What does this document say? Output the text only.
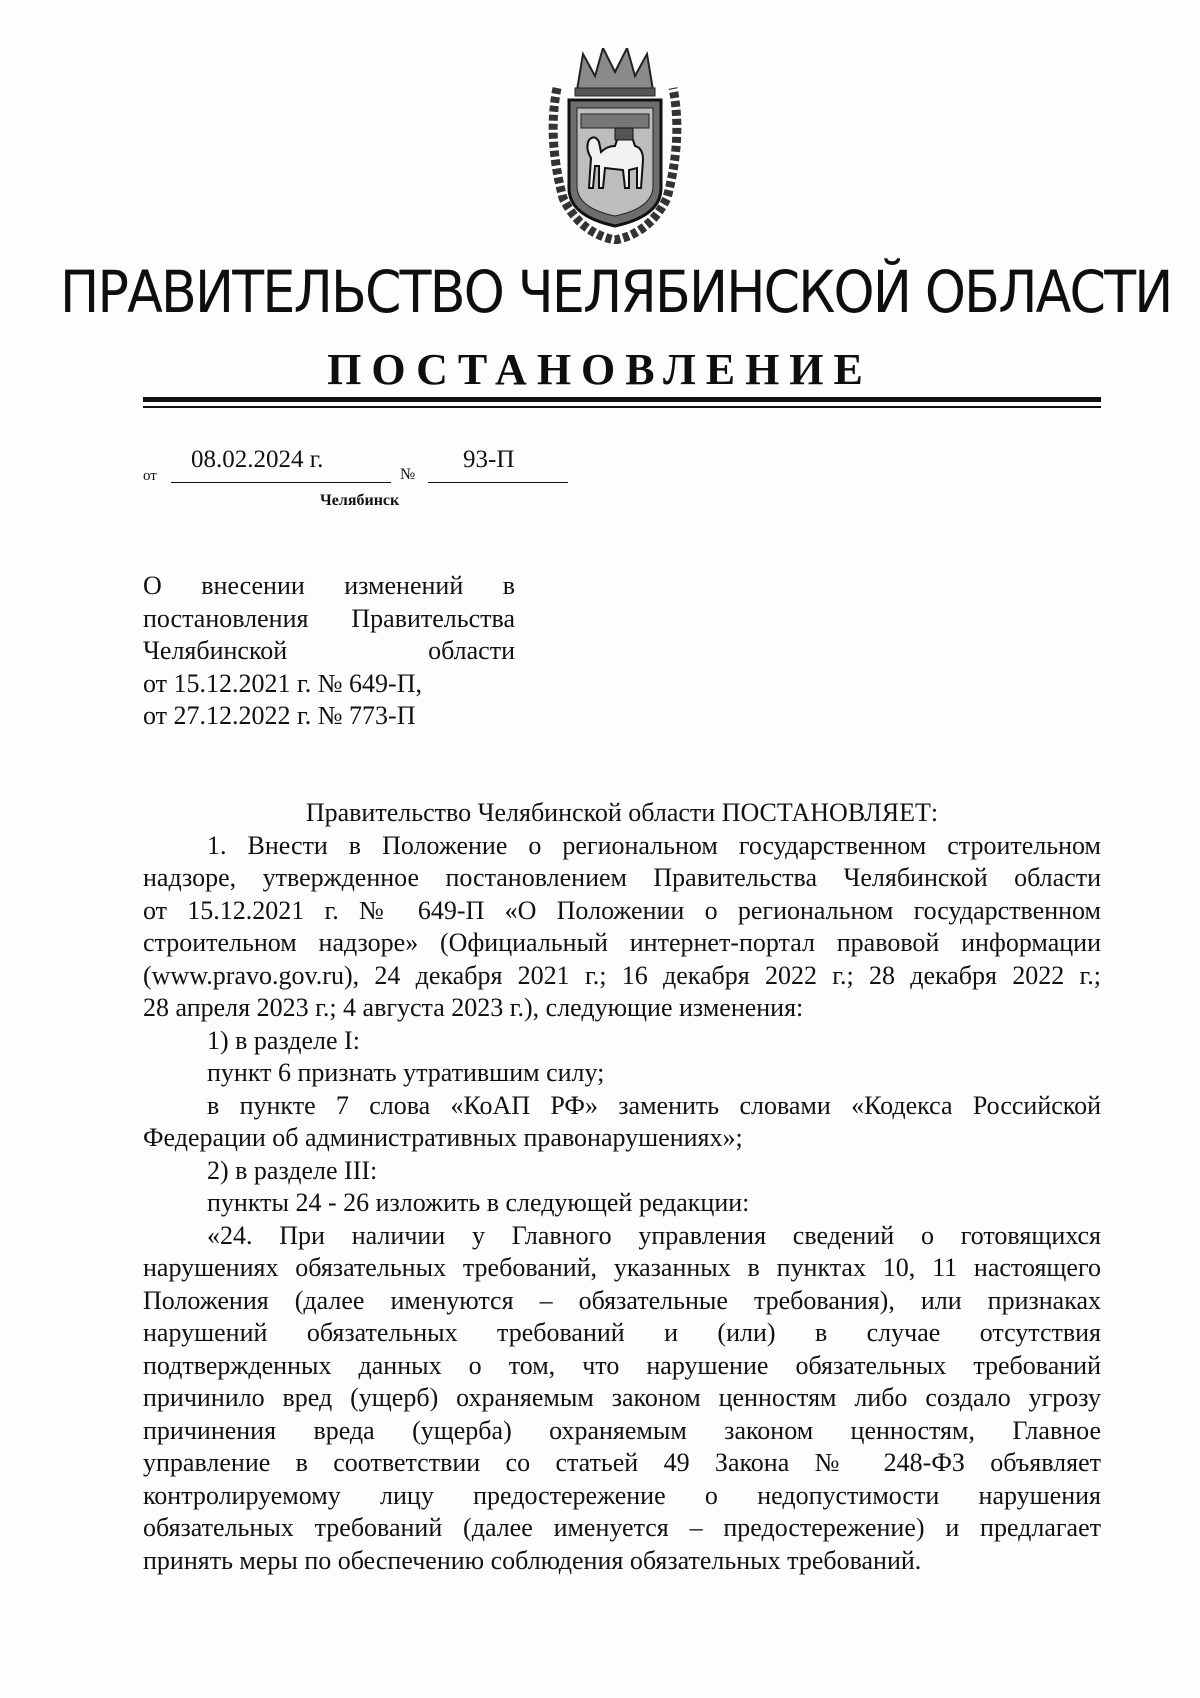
ПРАВИТЕЛЬСТВО ЧЕЛЯБИНСКОЙ ОБЛАСТИ
ПОСТАНОВЛЕНИЕ
от
08.02.2024 г.
№
93-П
Челябинск
О внесении изменений в
постановления Правительства
Челябинской области
от 15.12.2021 г. № 649-П,
от 27.12.2022 г. № 773-П
Правительство Челябинской области ПОСТАНОВЛЯЕТ:
1. Внести в Положение о региональном государственном строительном
надзоре, утвержденное постановлением Правительства Челябинской области
от 15.12.2021 г. № 649-П «О Положении о региональном государственном
строительном надзоре» (Официальный интернет-портал правовой информации
(www.pravo.gov.ru), 24 декабря 2021 г.; 16 декабря 2022 г.; 28 декабря 2022 г.;
28 апреля 2023 г.; 4 августа 2023 г.), следующие изменения:
1) в разделе I:
пункт 6 признать утратившим силу;
в пункте 7 слова «КоАП РФ» заменить словами «Кодекса Российской
Федерации об административных правонарушениях»;
2) в разделе III:
пункты 24 - 26 изложить в следующей редакции:
«24. При наличии у Главного управления сведений о готовящихся
нарушениях обязательных требований, указанных в пунктах 10, 11 настоящего
Положения (далее именуются – обязательные требования), или признаках
нарушений обязательных требований и (или) в случае отсутствия
подтвержденных данных о том, что нарушение обязательных требований
причинило вред (ущерб) охраняемым законом ценностям либо создало угрозу
причинения вреда (ущерба) охраняемым законом ценностям, Главное
управление в соответствии со статьей 49 Закона № 248-ФЗ объявляет
контролируемому лицу предостережение о недопустимости нарушения
обязательных требований (далее именуется – предостережение) и предлагает
принять меры по обеспечению соблюдения обязательных требований.
